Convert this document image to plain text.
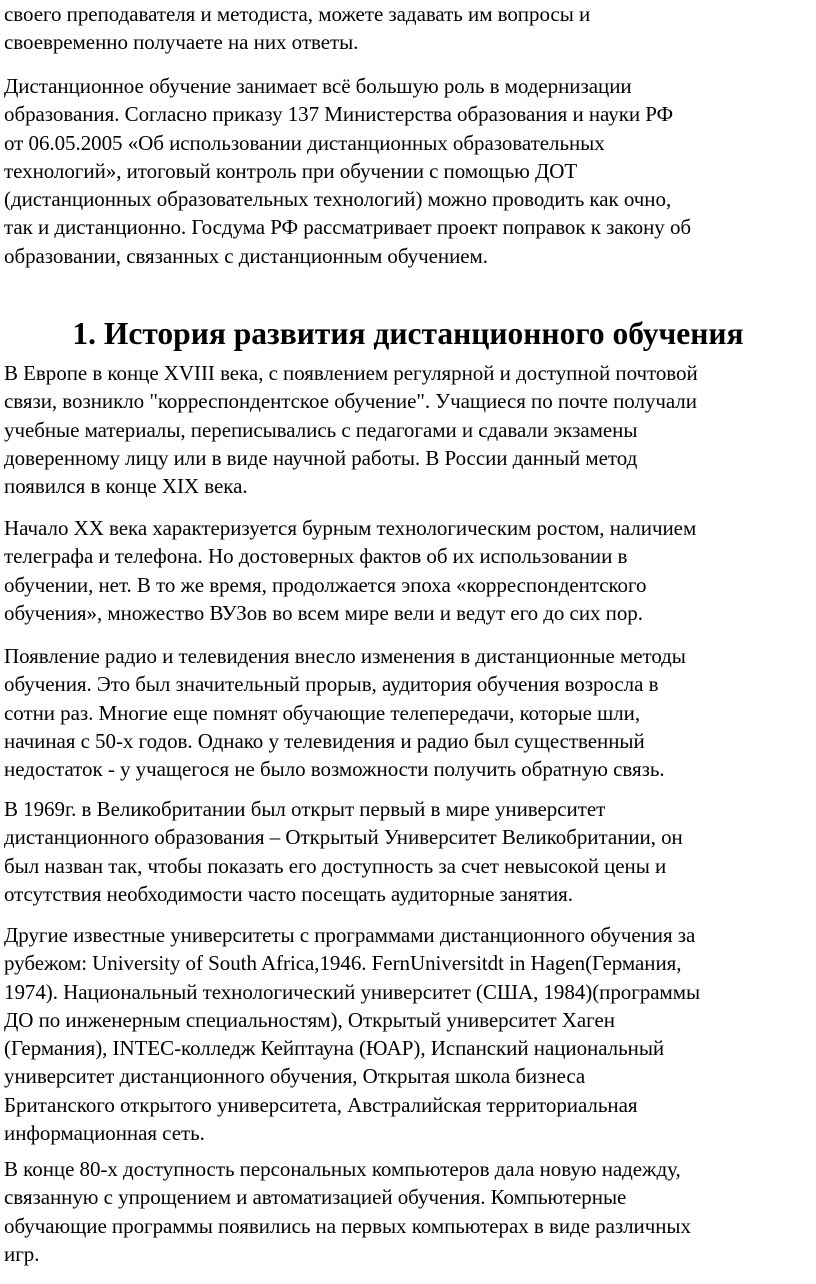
своего преподавателя и методиста, можете задавать им вопросы и
своевременно получаете на них ответы.

Дистанционное обучение занимает всё большую роль в модернизации
образования. Согласно приказу 137 Министерства образования и науки РФ
от 06.05.2005 «Об использовании дистанционных образовательных
технологий», итоговый контроль при обучении с помощью ДОТ
(дистанционных образовательных технологий) можно проводить как очно,
так и дистанционно. Госдума РФ рассматривает проект поправок к закону об
образовании, связанных с дистанционным обучением.

1. История развития дистанционного обучения

В Европе в конце XVIII века, с появлением регулярной и доступной почтовой
связи, возникло "корреспондентское обучение". Учащиеся по почте получали
учебные материалы, переписывались с педагогами и сдавали экзамены
доверенному лицу или в виде научной работы. В России данный метод
появился в конце XIX века.

Начало XX века характеризуется бурным технологическим ростом, наличием
телеграфа и телефона. Но достоверных фактов об их использовании в
обучении, нет. В то же время, продолжается эпоха «корреспондентского
обучения», множество ВУЗов во всем мире вели и ведут его до сих пор.

Появление радио и телевидения внесло изменения в дистанционные методы
обучения. Это был значительный прорыв, аудитория обучения возросла в
сотни раз. Многие еще помнят обучающие телепередачи, которые шли,
начиная с 50-х годов. Однако у телевидения и радио был существенный
недостаток - у учащегося не было возможности получить обратную связь.

В 1969г. в Великобритании был открыт первый в мире университет
дистанционного образования – Открытый Университет Великобритании, он
был назван так, чтобы показать его доступность за счет невысокой цены и
отсутствия необходимости часто посещать аудиторные занятия.

Другие известные университеты с программами дистанционного обучения за
рубежом: University of South Africa,1946. FernUniversitdt in Hagen(Германия,
1974). Национальный технологический университет (США, 1984)(программы
ДО по инженерным специальностям), Открытый университет Хаген
(Германия), INTEC-колледж Кейптауна (ЮАР), Испанский национальный
университет дистанционного обучения, Открытая школа бизнеса
Британского открытого университета, Австралийская территориальная
информационная сеть.

В конце 80-х доступность персональных компьютеров дала новую надежду,
связанную с упрощением и автоматизацией обучения. Компьютерные
обучающие программы появились на первых компьютерах в виде различных
игр.
